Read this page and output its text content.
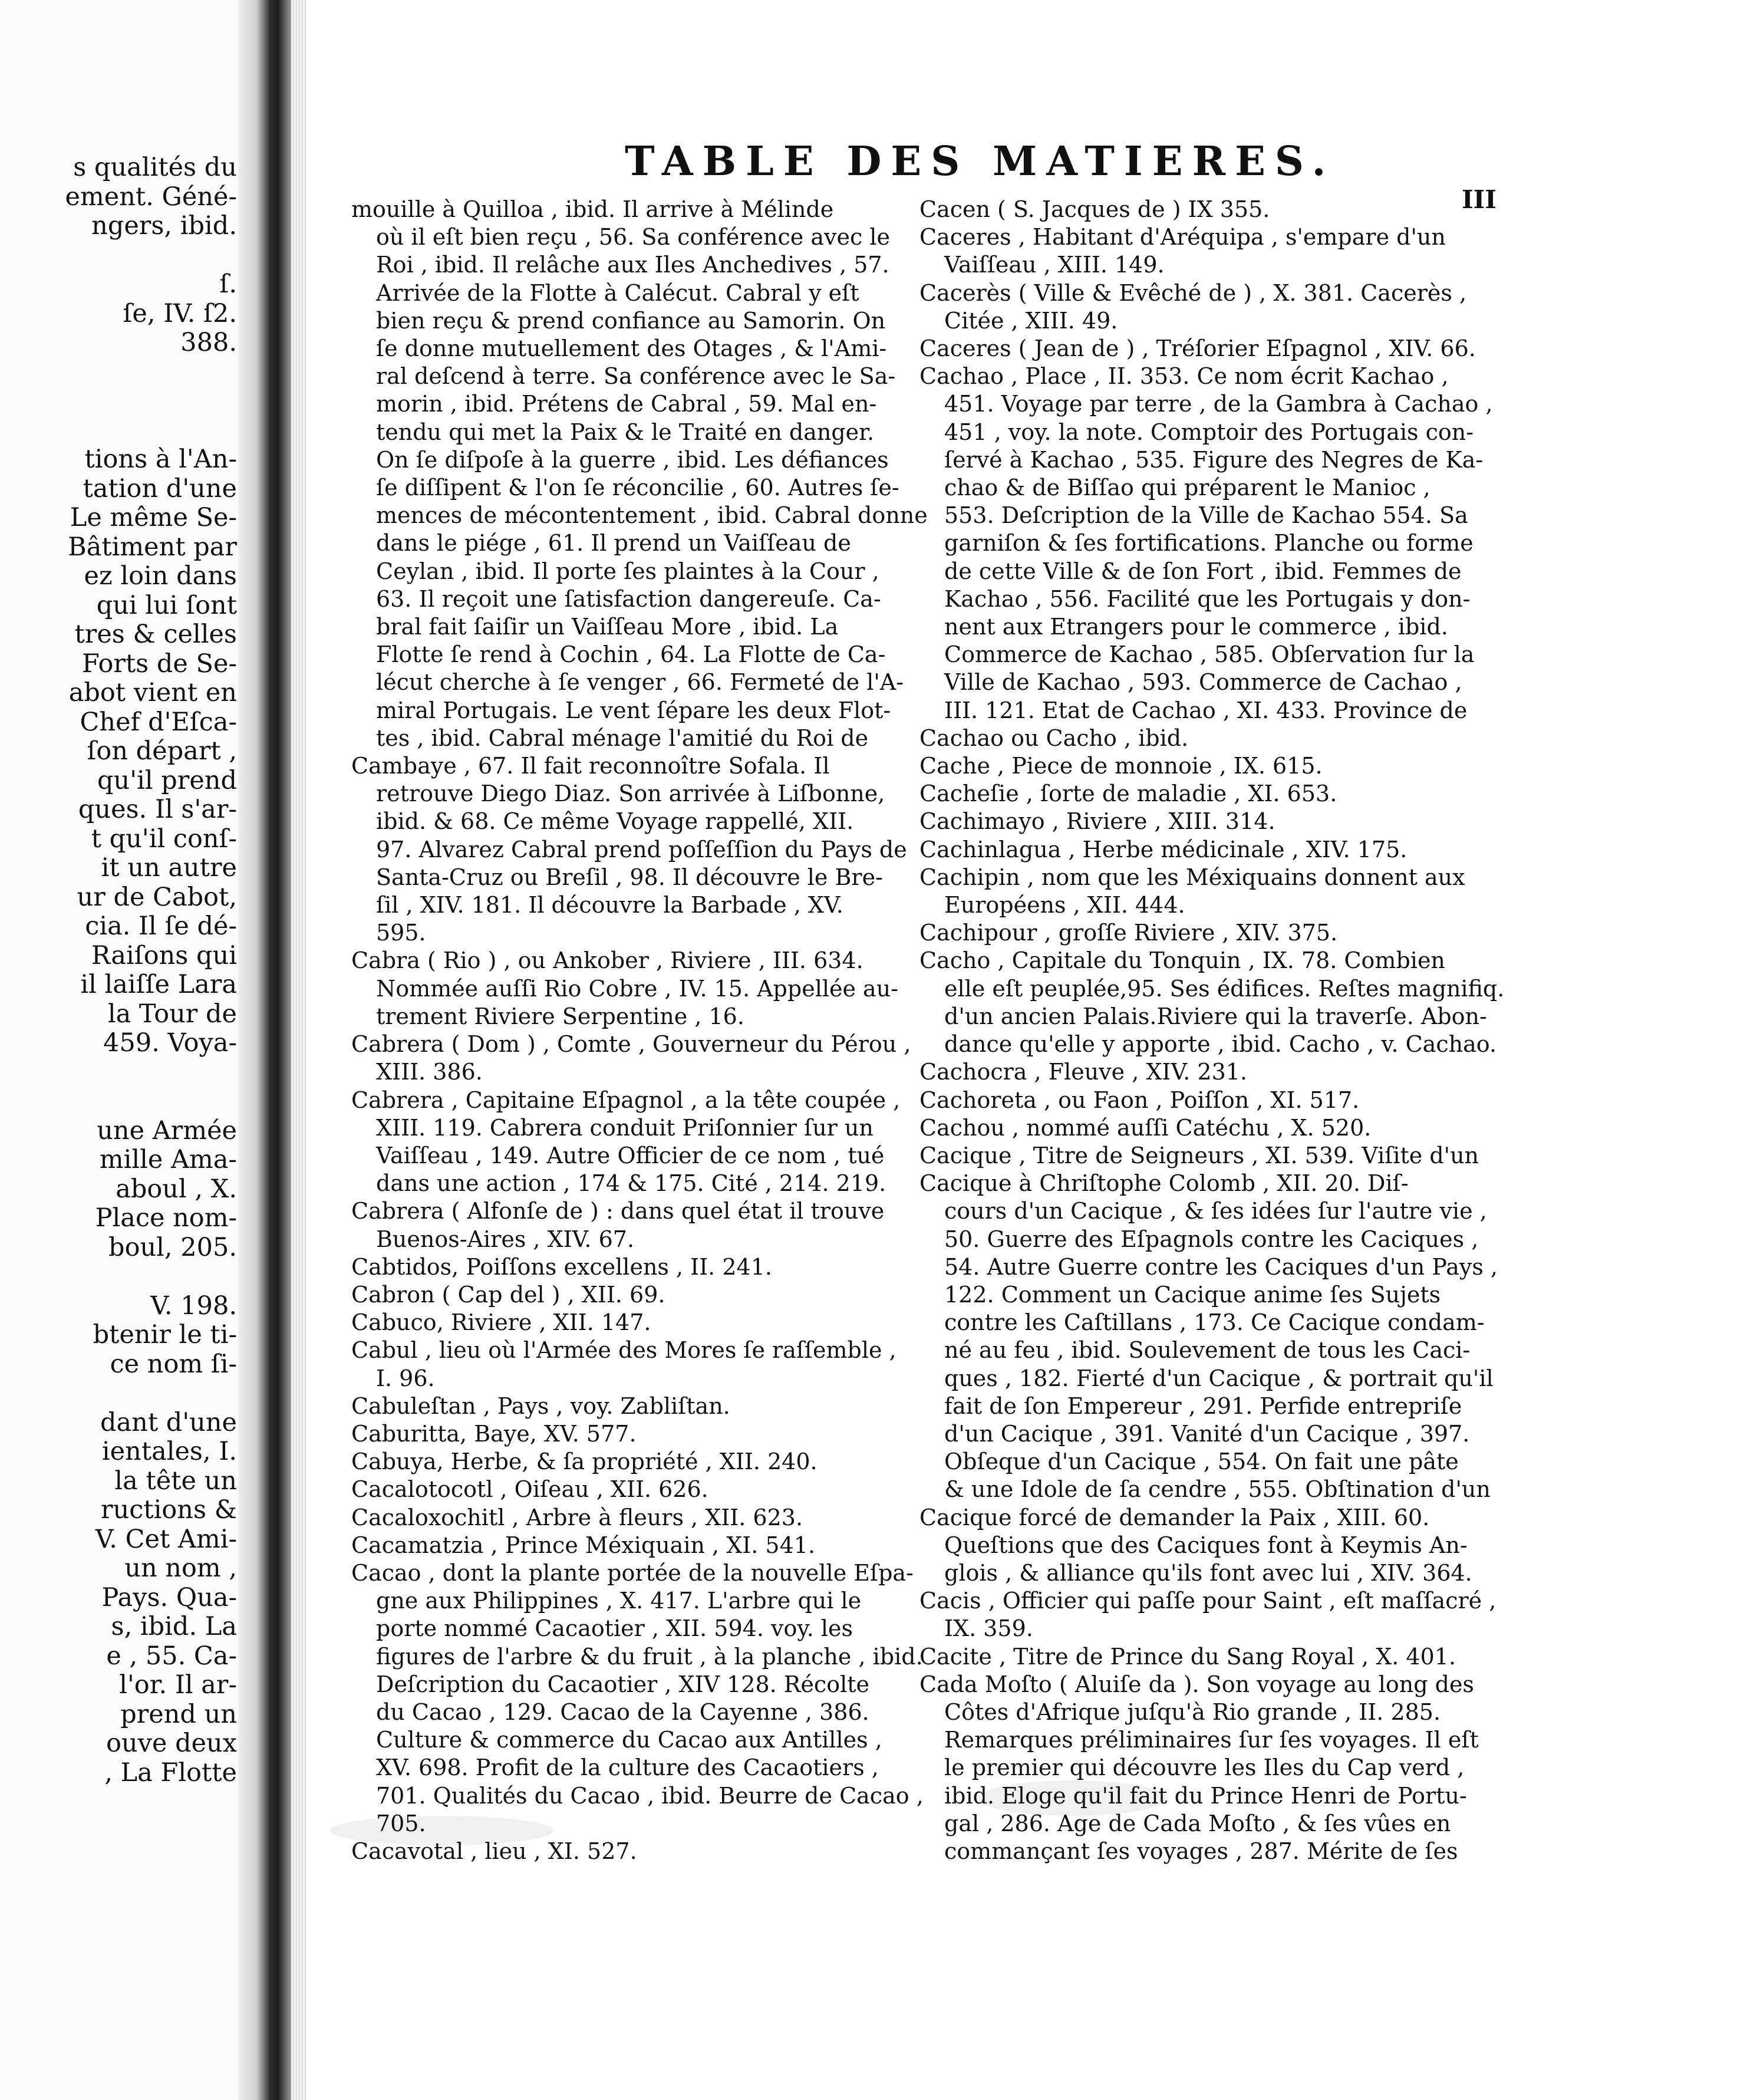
s qualités du
ement. Géné-
ngers, ibid.

ſ.
ſe, IV. ſ2.
388.

tions à l'An-
tation d'une
Le même Se-
Bâtiment par
ez loin dans
qui lui ſont
tres & celles
Forts de Se-
abot vient en
Chef d'Eſca-
ſon départ ,
qu'il prend
ques. Il s'ar-
t qu'il conſ-
it un autre
ur de Cabot,
cia. Il ſe dé-
Raiſons qui
il laiſſe Lara
la Tour de
459. Voya-

une Armée
mille Ama-
aboul , X.
Place nom-
boul, 205.

V. 198.
btenir le ti-
ce nom ſi-

dant d'une
ientales, I.
la tête un
ructions &
V. Cet Ami-
un nom ,
Pays. Qua-
s, ibid. La
e , 55. Ca-
l'or. Il ar-
prend un
ouve deux
, La Flotte
TABLE DES MATIERES.
III
mouille à Quilloa , ibid. Il arrive à Mélinde
où il eſt bien reçu , 56. Sa conférence avec le
Roi , ibid. Il relâche aux Iles Anchedives , 57.
Arrivée de la Flotte à Calécut. Cabral y eſt
bien reçu & prend confiance au Samorin. On
ſe donne mutuellement des Otages , & l'Ami-
ral deſcend à terre. Sa conférence avec le Sa-
morin , ibid. Prétens de Cabral , 59. Mal en-
tendu qui met la Paix & le Traité en danger.
On ſe diſpoſe à la guerre , ibid. Les défiances
ſe diſſipent & l'on ſe réconcilie , 60. Autres ſe-
mences de mécontentement , ibid. Cabral donne
dans le piége , 61. Il prend un Vaiſſeau de
Ceylan , ibid. Il porte ſes plaintes à la Cour ,
63. Il reçoit une ſatisfaction dangereuſe. Ca-
bral fait ſaiſir un Vaiſſeau More , ibid. La
Flotte ſe rend à Cochin , 64. La Flotte de Ca-
lécut cherche à ſe venger , 66. Fermeté de l'A-
miral Portugais. Le vent ſépare les deux Flot-
tes , ibid. Cabral ménage l'amitié du Roi de
Cambaye , 67. Il fait reconnoître Sofala. Il
retrouve Diego Diaz. Son arrivée à Liſbonne,
ibid. & 68. Ce même Voyage rappellé, XII.
97. Alvarez Cabral prend poſſeſſion du Pays de
Santa-Cruz ou Breſil , 98. Il découvre le Bre-
ſil , XIV. 181. Il découvre la Barbade , XV.
595.
Cabra ( Rio ) , ou Ankober , Riviere , III. 634.
Nommée auſſi Rio Cobre , IV. 15. Appellée au-
trement Riviere Serpentine , 16.
Cabrera ( Dom ) , Comte , Gouverneur du Pérou ,
XIII. 386.
Cabrera , Capitaine Eſpagnol , a la tête coupée ,
XIII. 119. Cabrera conduit Priſonnier ſur un
Vaiſſeau , 149. Autre Officier de ce nom , tué
dans une action , 174 & 175. Cité , 214. 219.
Cabrera ( Alfonſe de ) : dans quel état il trouve
Buenos-Aires , XIV. 67.
Cabtidos, Poiſſons excellens , II. 241.
Cabron ( Cap del ) , XII. 69.
Cabuco, Riviere , XII. 147.
Cabul , lieu où l'Armée des Mores ſe raſſemble ,
I. 96.
Cabuleſtan , Pays , voy. Zabliſtan.
Caburitta, Baye, XV. 577.
Cabuya, Herbe, & ſa propriété , XII. 240.
Cacalotocotl , Oiſeau , XII. 626.
Cacaloxochitl , Arbre à fleurs , XII. 623.
Cacamatzia , Prince Méxiquain , XI. 541.
Cacao , dont la plante portée de la nouvelle Eſpa-
gne aux Philippines , X. 417. L'arbre qui le
porte nommé Cacaotier , XII. 594. voy. les
figures de l'arbre & du fruit , à la planche , ibid.
Deſcription du Cacaotier , XIV 128. Récolte
du Cacao , 129. Cacao de la Cayenne , 386.
Culture & commerce du Cacao aux Antilles ,
XV. 698. Profit de la culture des Cacaotiers ,
701. Qualités du Cacao , ibid. Beurre de Cacao ,
705.
Cacavotal , lieu , XI. 527.
Cacen ( S. Jacques de ) IX 355.
Caceres , Habitant d'Aréquipa , s'empare d'un
Vaiſſeau , XIII. 149.
Cacerès ( Ville & Evêché de ) , X. 381. Cacerès ,
Citée , XIII. 49.
Caceres ( Jean de ) , Tréſorier Eſpagnol , XIV. 66.
Cachao , Place , II. 353. Ce nom écrit Kachao ,
451. Voyage par terre , de la Gambra à Cachao ,
451 , voy. la note. Comptoir des Portugais con-
ſervé à Kachao , 535. Figure des Negres de Ka-
chao & de Biſſao qui préparent le Manioc ,
553. Deſcription de la Ville de Kachao 554. Sa
garniſon & ſes fortifications. Planche ou forme
de cette Ville & de ſon Fort , ibid. Femmes de
Kachao , 556. Facilité que les Portugais y don-
nent aux Etrangers pour le commerce , ibid.
Commerce de Kachao , 585. Obſervation ſur la
Ville de Kachao , 593. Commerce de Cachao ,
III. 121. Etat de Cachao , XI. 433. Province de
Cachao ou Cacho , ibid.
Cache , Piece de monnoie , IX. 615.
Cacheſie , ſorte de maladie , XI. 653.
Cachimayo , Riviere , XIII. 314.
Cachinlagua , Herbe médicinale , XIV. 175.
Cachipin , nom que les Méxiquains donnent aux
Européens , XII. 444.
Cachipour , groſſe Riviere , XIV. 375.
Cacho , Capitale du Tonquin , IX. 78. Combien
elle eſt peuplée,95. Ses édifices. Reſtes magnifiq.
d'un ancien Palais.Riviere qui la traverſe. Abon-
dance qu'elle y apporte , ibid. Cacho , v. Cachao.
Cachocra , Fleuve , XIV. 231.
Cachoreta , ou Faon , Poiſſon , XI. 517.
Cachou , nommé auſſi Catéchu , X. 520.
Cacique , Titre de Seigneurs , XI. 539. Viſite d'un
Cacique à Chriſtophe Colomb , XII. 20. Diſ-
cours d'un Cacique , & ſes idées ſur l'autre vie ,
50. Guerre des Eſpagnols contre les Caciques ,
54. Autre Guerre contre les Caciques d'un Pays ,
122. Comment un Cacique anime ſes Sujets
contre les Caſtillans , 173. Ce Cacique condam-
né au feu , ibid. Soulevement de tous les Caci-
ques , 182. Fierté d'un Cacique , & portrait qu'il
fait de ſon Empereur , 291. Perfide entrepriſe
d'un Cacique , 391. Vanité d'un Cacique , 397.
Obſeque d'un Cacique , 554. On fait une pâte
& une Idole de ſa cendre , 555. Obſtination d'un
Cacique forcé de demander la Paix , XIII. 60.
Queſtions que des Caciques font à Keymis An-
glois , & alliance qu'ils font avec lui , XIV. 364.
Cacis , Officier qui paſſe pour Saint , eſt maſſacré ,
IX. 359.
Cacite , Titre de Prince du Sang Royal , X. 401.
Cada Moſto ( Aluiſe da ). Son voyage au long des
Côtes d'Afrique juſqu'à Rio grande , II. 285.
Remarques préliminaires ſur ſes voyages. Il eſt
le premier qui découvre les Iles du Cap verd ,
ibid. Eloge qu'il fait du Prince Henri de Portu-
gal , 286. Age de Cada Moſto , & ſes vûes en
commançant ſes voyages , 287. Mérite de ſes
